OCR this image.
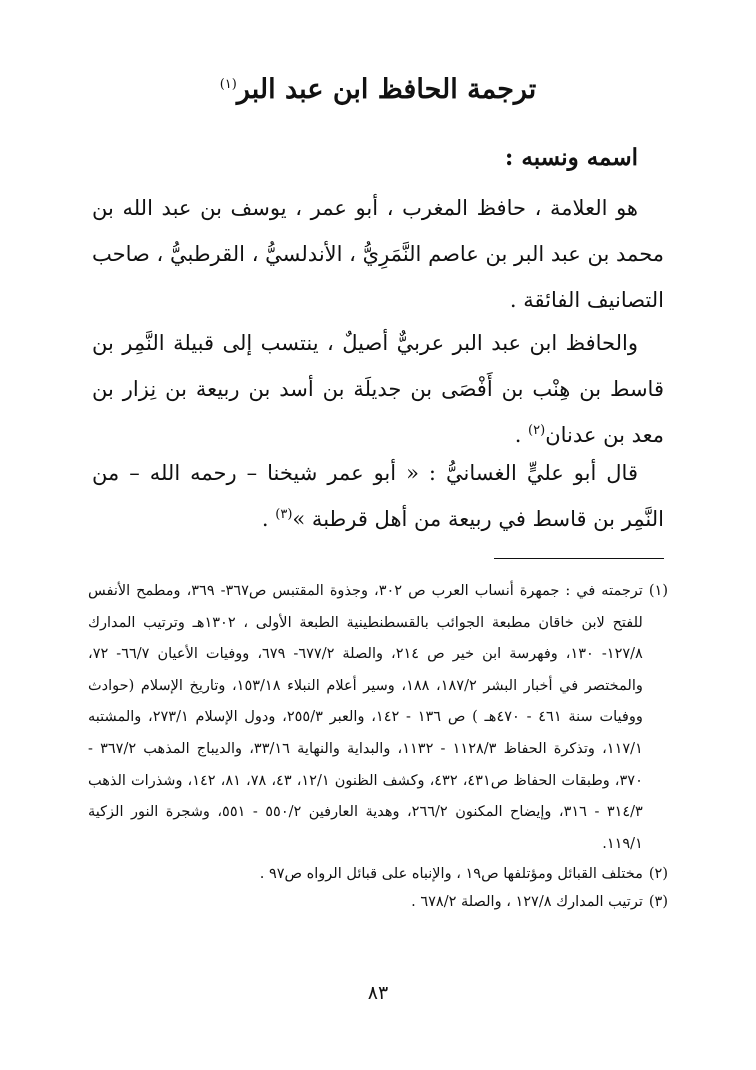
ترجمة الحافظ ابن عبد البر$^{(١)}$
اسمه ونسبه :

هو العلامة ، حافظ المغرب ، أبو عمر ، يوسف بن عبد الله بن محمد بن عبد البر بن عاصم النَّمَرِيُّ ، الأندلسيُّ ، القرطبيُّ ، صاحب التصانيف الفائقة .

والحافظ ابن عبد البر عربيٌّ أصيلٌ ، ينتسب إلى قبيلة النَّمِر بن قاسط بن هِنْب بن أَفْصَى بن جديلَة بن أسد بن ربيعة بن نِزار بن معد بن عدنان$^{(٢)}$ .

قال أبو عليٍّ الغسانيُّ : « أبو عمر شيخنا – رحمه الله – من النَّمِر بن قاسط في ربيعة من أهل قرطبة »$^{(٣)}$ .

(١)
ترجمته في : جمهرة أنساب العرب ص ٣٠٢، وجذوة المقتبس ص٣٦٧- ٣٦٩، ومطمح الأنفس للفتح لابن خاقان مطبعة الجوائب بالقسطنطينية الطبعة الأولى ، ١٣٠٢هـ وترتيب المدارك ١٢٧/٨- ١٣٠، وفهرسة ابن خير ص ٢١٤، والصلة ٦٧٧/٢- ٦٧٩، ووفيات الأعيان ٦٦/٧- ٧٢، والمختصر في أخبار البشر ١٨٧/٢، ١٨٨، وسير أعلام النبلاء ١٥٣/١٨، وتاريخ الإسلام (حوادث ووفيات سنة ٤٦١ - ٤٧٠هـ ) ص ١٣٦ - ١٤٢، والعبر ٢٥٥/٣، ودول الإسلام ٢٧٣/١، والمشتبه ١١٧/١، وتذكرة الحفاظ ١١٢٨/٣ - ١١٣٢، والبداية والنهاية ٣٣/١٦، والديباج المذهب ٣٦٧/٢ - ٣٧٠، وطبقات الحفاظ ص٤٣١، ٤٣٢، وكشف الظنون ١٢/١، ٤٣، ٧٨، ٨١، ١٤٢، وشذرات الذهب ٣١٤/٣ - ٣١٦، وإيضاح المكنون ٢٦٦/٢، وهدية العارفين ٥٥٠/٢ - ٥٥١، وشجرة النور الزكية ١١٩/١.
(٢)
مختلف القبائل ومؤتلفها ص١٩ ، والإنباه على قبائل الرواه ص٩٧ .
(٣)
ترتيب المدارك ١٢٧/٨ ، والصلة ٦٧٨/٢ .
٨٣
